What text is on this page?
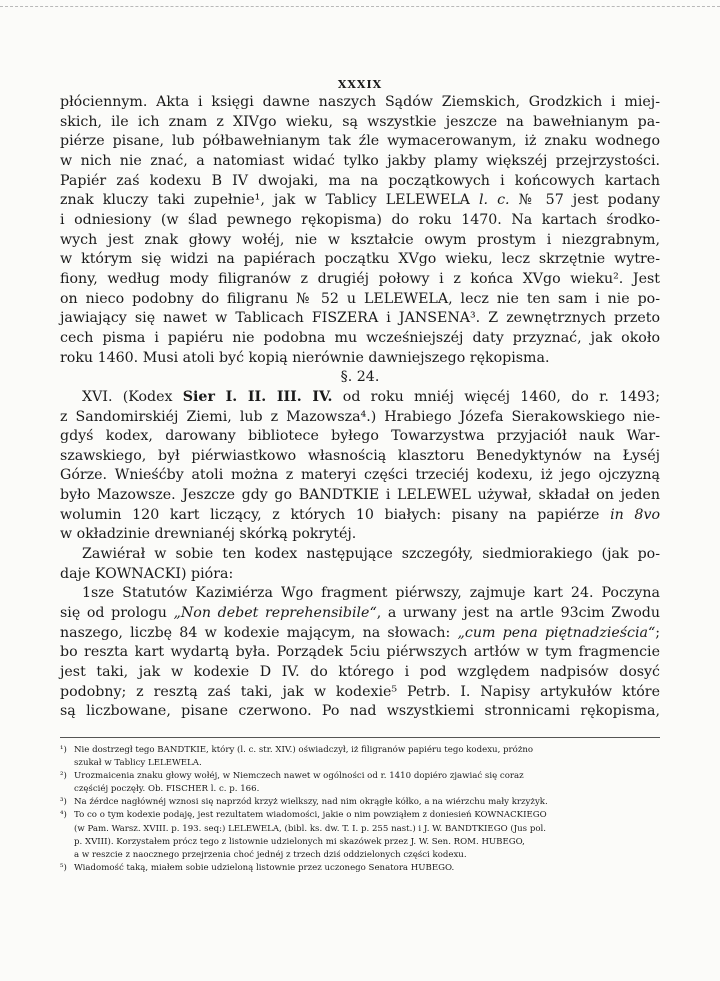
XXXIX
płóciennym. Akta i księgi dawne naszych Sądów Ziemskich, Grodzkich i miej-
skich, ile ich znam z XIVgo wieku, są wszystkie jeszcze na bawełnianym pa-
piérze pisane, lub półbawełnianym tak źle wymacerowanym, iż znaku wodnego
w nich nie znać, a natomiast widać tylko jakby plamy większéj przejrzystości.
Papiér zaś kodexu B IV dwojaki, ma na początkowych i końcowych kartach
znak kluczy taki zupełnie¹, jak w Tablicy LELEWELA l. c. № 57 jest podany
i odniesiony (w ślad pewnego rękopisma) do roku 1470. Na kartach środko-
wych jest znak głowy wołéj, nie w kształcie owym prostym i niezgrabnym,
w którym się widzi na papiérach początku XVgo wieku, lecz skrzętnie wytre-
fiony, według mody filigranów z drugiéj połowy i z końca XVgo wieku². Jest
on nieco podobny do filigranu № 52 u LELEWELA, lecz nie ten sam i nie po-
jawiający się nawet w Tablicach FISZERA i JANSENA³. Z zewnętrznych przeto
cech pisma i papiéru nie podobna mu wcześniejszéj daty przyznać, jak około
roku 1460. Musi atoli być kopią nierównie dawniejszego rękopisma.
§. 24.
XVI. (Kodex Sier I. II. III. IV. od roku mniéj więcéj 1460, do r. 1493;
z Sandomirskiéj Ziemi, lub z Mazowsza⁴.) Hrabiego Józefa Sierakowskiego nie-
gdyś kodex, darowany bibliotece byłego Towarzystwa przyjaciół nauk War-
szawskiego, był piérwiastkowo własnością klasztoru Benedyktynów na Łyséj
Górze. Wnieśćby atoli można z materyi części trzeciéj kodexu, iż jego ojczyzną
było Mazowsze. Jeszcze gdy go BANDTKIE i LELEWEL używał, składał on jeden
wolumin 120 kart liczący, z których 10 białych: pisany na papiérze in 8vo
w okładzinie drewnianéj skórką pokrytéj.
Zawiérał w sobie ten kodex następujące szczegóły, siedmiorakiego (jak po-
daje KOWNACKI) pióra:
1sze Statutów Kaziміérza Wgo fragment piérwszy, zajmuje kart 24. Poczyna
się od prologu „Non debet reprehensibile“, a urwany jest na artle 93cim Zwodu
naszego, liczbę 84 w kodexie mającym, na słowach: „cum pena piętnadzieścia“;
bo reszta kart wydartą była. Porządek 5ciu piérwszych artłów w tym fragmencie
jest taki, jak w kodexie D IV. do którego i pod względem nadpisów dosyć
podobny; z resztą zaś taki, jak w kodexie⁵ Petrb. I. Napisy artykułów które
są liczbowane, pisane czerwono. Po nad wszystkiemi stronnicami rękopisma,
¹) Nie dostrzegł tego BANDTKIE, który (l. c. str. XIV.) oświadczył, iż filigranów papiéru tego kodexu, próżno
szukał w Tablicy LELEWELA.
²) Urozmaicenia znaku głowy wołéj, w Niemczech nawet w ogólności od r. 1410 dopiéro zjawiać się coraz
częściéj poczęły. Ob. FISCHER l. c. p. 166.
³) Na źérdce nagłównéj wznosi się naprzód krzyż wielkszy, nad nim okrągłe kółko, a na wiérzchu mały krzyżyk.
⁴) To co o tym kodexie podaję, jest rezultatem wiadomości, jakie o nim powziąłem z doniesień KOWNACKIEGO
(w Pam. Warsz. XVIII. p. 193. seq:) LELEWELA, (bibl. ks. dw. T. I. p. 255 nast.) i J. W. BANDTKIEGO (Jus pol.
p. XVIII). Korzystałem prócz tego z listownie udzielonych mi skazówek przez J. W. Sen. ROM. HUBEGO,
a w reszcie z naocznego przejrzenia choć jednéj z trzech dziś oddzielonych części kodexu.
⁵) Wiadomość taką, miałem sobie udzieloną listownie przez uczonego Senatora HUBEGO.
